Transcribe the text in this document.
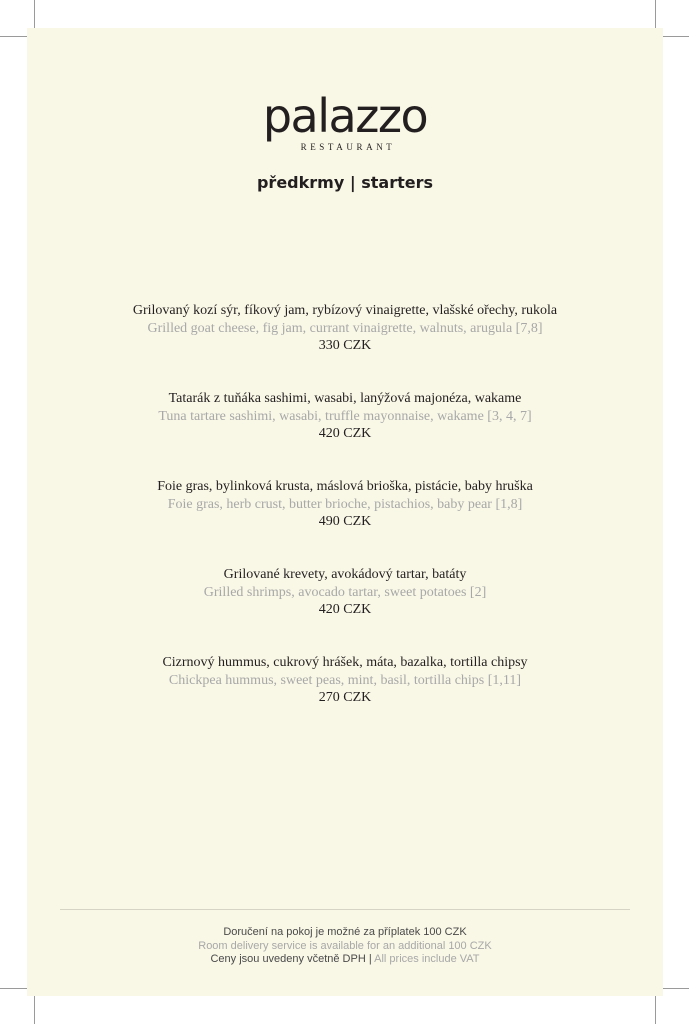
palazzo
RESTAURANT
předkrmy | starters
Grilovaný kozí sýr, fíkový jam, rybízový vinaigrette, vlašské ořechy, rukola
Grilled goat cheese, fig jam, currant vinaigrette, walnuts, arugula [7,8]
330 CZK
Tatarák z tuňáka sashimi, wasabi, lanýžová majonéza, wakame
Tuna tartare sashimi, wasabi, truffle mayonnaise, wakame [3, 4, 7]
420 CZK
Foie gras, bylinková krusta, máslová brioška, pistácie, baby hruška
Foie gras, herb crust, butter brioche, pistachios, baby pear [1,8]
490 CZK
Grilované krevety, avokádový tartar, batáty
Grilled shrimps, avocado tartar, sweet potatoes [2]
420 CZK
Cizrnový hummus, cukrový hrášek, máta, bazalka, tortilla chipsy
Chickpea hummus, sweet peas, mint, basil, tortilla chips [1,11]
270 CZK
Doručení na pokoj je možné za příplatek 100 CZK
Room delivery service is available for an additional 100 CZK
Ceny jsou uvedeny včetně DPH | All prices include VAT
